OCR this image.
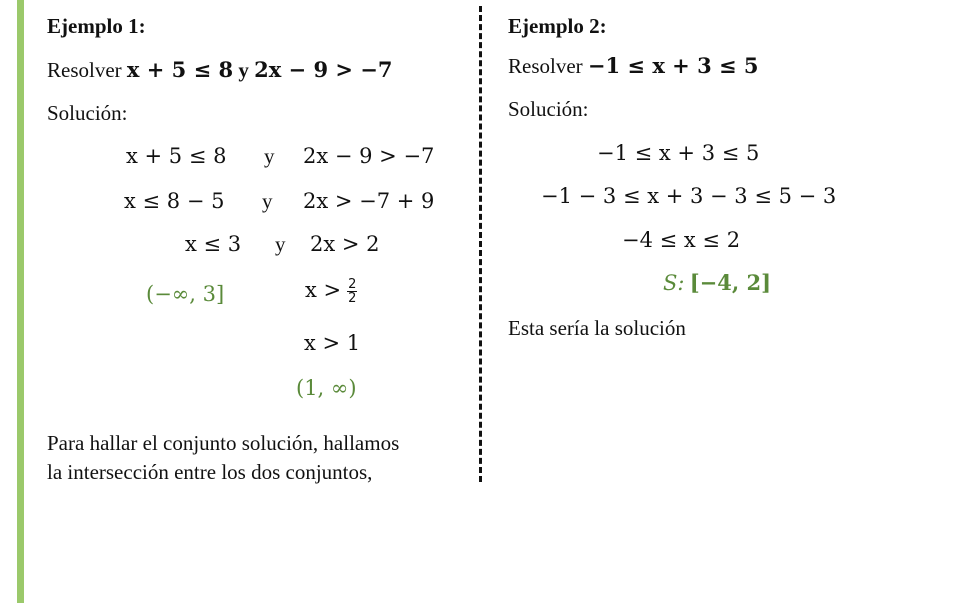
Ejemplo 1:
Resolver x + 5 ≤ 8 y 2x − 9 > −7
Solución:
x + 5 ≤ 8 y 2x − 9 > −7
x ≤ 8 − 5 y 2x > −7 + 9
x ≤ 3 y 2x > 2
(−∞, 3]	$x > \frac{2}{2}$
x > 1
(1, ∞)
Para hallar el conjunto solución, hallamos
la intersección entre los dos conjuntos,
Ejemplo 2:
Resolver −1 ≤ x + 3 ≤ 5
Solución:
−1 ≤ x + 3 ≤ 5
−1 − 3 ≤ x + 3 − 3 ≤ 5 − 3
−4 ≤ x ≤ 2
S: [−4, 2]
Esta sería la solución
